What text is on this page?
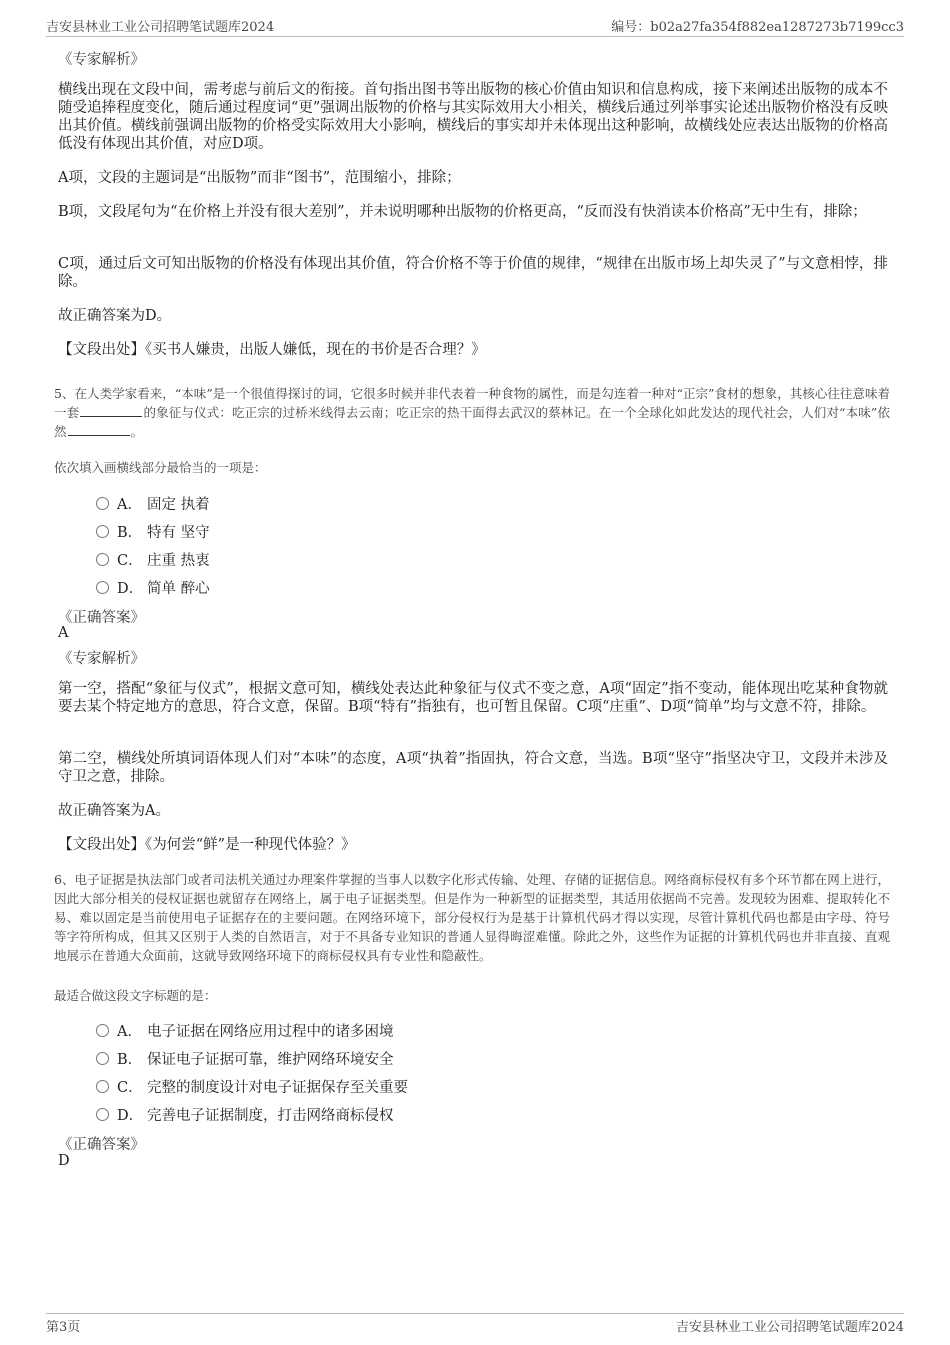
吉安县林业工业公司招聘笔试题库2024	编号：b02a27fa354f882ea1287273b7199cc3
《专家解析》
横线出现在文段中间，需考虑与前后文的衔接。首句指出图书等出版物的核心价值由知识和信息构成，接下来阐述出版物的成本不随受追捧程度变化，随后通过程度词“更”强调出版物的价格与其实际效用大小相关，横线后通过列举事实论述出版物价格没有反映出其价值。横线前强调出版物的价格受实际效用大小影响，横线后的事实却并未体现出这种影响，故横线处应表达出版物的价格高低没有体现出其价值，对应D项。
A项，文段的主题词是“出版物”而非“图书”，范围缩小，排除；
B项，文段尾句为“在价格上并没有很大差别”，并未说明哪种出版物的价格更高，“反而没有快消读本价格高”无中生有，排除；
C项，通过后文可知出版物的价格没有体现出其价值，符合价格不等于价值的规律，“规律在出版市场上却失灵了”与文意相悖，排除。
故正确答案为D。
【文段出处】《买书人嫌贵，出版人嫌低，现在的书价是否合理？》
5、在人类学家看来，“本味”是一个很值得探讨的词，它很多时候并非代表着一种食物的属性，而是勾连着一种对“正宗”食材的想象，其核心往往意味着一套	的象征与仪式：吃正宗的过桥米线得去云南；吃正宗的热干面得去武汉的蔡林记。在一个全球化如此发达的现代社会，人们对“本味”依然	。
依次填入画横线部分最恰当的一项是：
A． 固定 执着
B． 特有 坚守
C． 庄重 热衷
D． 简单 醉心
《正确答案》
A
《专家解析》
第一空，搭配“象征与仪式”，根据文意可知，横线处表达此种象征与仪式不变之意，A项“固定”指不变动，能体现出吃某种食物就要去某个特定地方的意思，符合文意，保留。B项“特有”指独有，也可暂且保留。C项“庄重”、D项“简单”均与文意不符，排除。
第二空，横线处所填词语体现人们对“本味”的态度，A项“执着”指固执，符合文意，当选。B项“坚守”指坚决守卫，文段并未涉及守卫之意，排除。
故正确答案为A。
【文段出处】《为何尝“鲜”是一种现代体验？》
6、电子证据是执法部门或者司法机关通过办理案件掌握的当事人以数字化形式传输、处理、存储的证据信息。网络商标侵权有多个环节都在网上进行，因此大部分相关的侵权证据也就留存在网络上，属于电子证据类型。但是作为一种新型的证据类型，其适用依据尚不完善。发现较为困难、提取转化不易、难以固定是当前使用电子证据存在的主要问题。在网络环境下，部分侵权行为是基于计算机代码才得以实现，尽管计算机代码也都是由字母、符号等字符所构成，但其又区别于人类的自然语言，对于不具备专业知识的普通人显得晦涩难懂。除此之外，这些作为证据的计算机代码也并非直接、直观地展示在普通大众面前，这就导致网络环境下的商标侵权具有专业性和隐蔽性。
最适合做这段文字标题的是：
A． 电子证据在网络应用过程中的诸多困境
B． 保证电子证据可靠，维护网络环境安全
C． 完整的制度设计对电子证据保存至关重要
D． 完善电子证据制度，打击网络商标侵权
《正确答案》
D
第3页	吉安县林业工业公司招聘笔试题库2024
